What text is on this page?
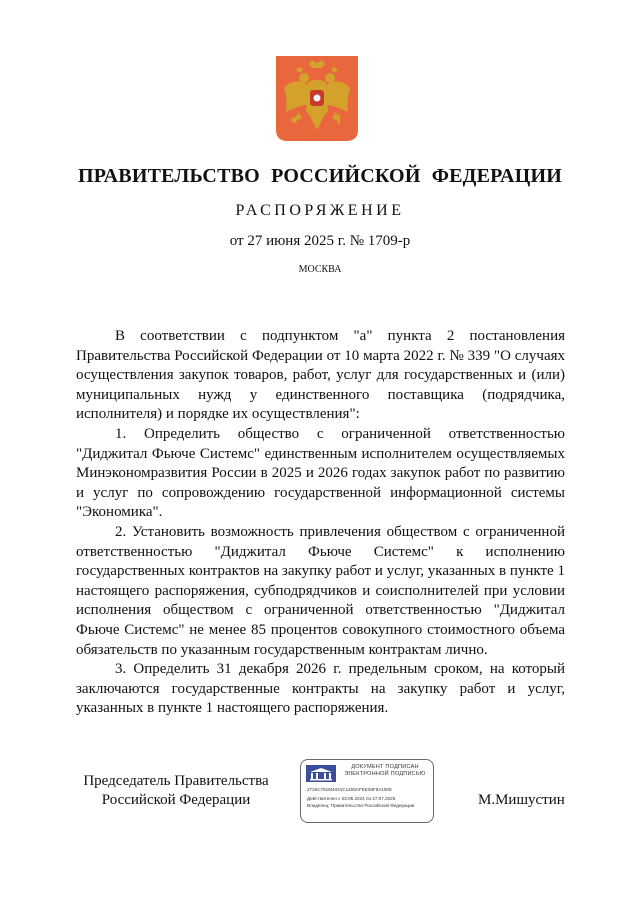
ПРАВИТЕЛЬСТВО РОССИЙСКОЙ ФЕДЕРАЦИИ
РАСПОРЯЖЕНИЕ
от 27 июня 2025 г. № 1709-р
МОСКВА

В соответствии с подпунктом "а" пункта 2 постановления Правительства Российской Федерации от 10 марта 2022 г. № 339 "О случаях осуществления закупок товаров, работ, услуг для государственных и (или) муниципальных нужд у единственного поставщика (подрядчика, исполнителя) и порядке их осуществления":

1. Определить общество с ограниченной ответственностью "Диджитал Фьюче Системс" единственным исполнителем осуществляемых Минэкономразвития России в 2025 и 2026 годах закупок работ по развитию и услуг по сопровождению государственной информационной системы "Экономика".

2. Установить возможность привлечения обществом с ограниченной ответственностью "Диджитал Фьюче Системс" к исполнению государственных контрактов на закупку работ и услуг, указанных в пункте 1 настоящего распоряжения, субподрядчиков и соисполнителей при условии исполнения обществом с ограниченной ответственностью "Диджитал Фьюче Системс" не менее 85 процентов совокупного стоимостного объема обязательств по указанным государственным контрактам лично.

3. Определить 31 декабря 2026 г. предельным сроком, на который заключаются государственные контракты на закупку работ и услуг, указанных в пункте 1 настоящего распоряжения.

Председатель Правительства
Российской Федерации
ДОКУМЕНТ ПОДПИСАН
ЭЛЕКТРОННОЙ ПОДПИСЬЮ
2726C781M4041C1458AFEE38F8A1009
Действителен с 03.05.2024 по 27.07.2025
Владелец: Правительство Российской Федерации	М.Мишустин
